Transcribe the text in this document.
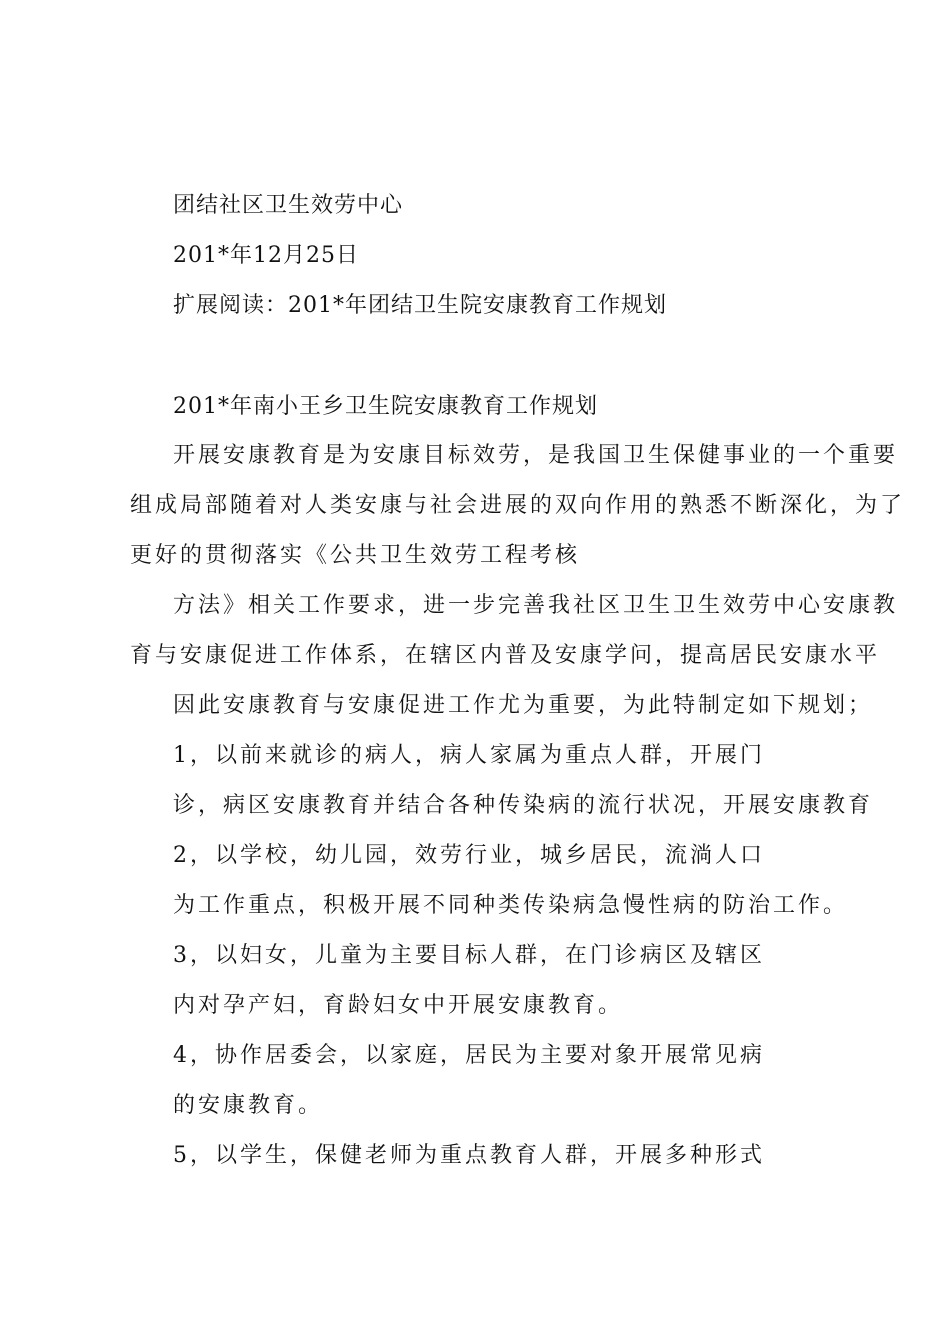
团结社区卫生效劳中心

201*年12月25日

扩展阅读：201*年团结卫生院安康教育工作规划

201*年南小王乡卫生院安康教育工作规划

开展安康教育是为安康目标效劳，是我国卫生保健事业的一个重要

组成局部随着对人类安康与社会进展的双向作用的熟悉不断深化，为了

更好的贯彻落实《公共卫生效劳工程考核

方法》相关工作要求，进一步完善我社区卫生卫生效劳中心安康教

育与安康促进工作体系，在辖区内普及安康学问，提高居民安康水平

因此安康教育与安康促进工作尤为重要，为此特制定如下规划；

1，以前来就诊的病人，病人家属为重点人群，开展门

诊，病区安康教育并结合各种传染病的流行状况，开展安康教育

2，以学校，幼儿园，效劳行业，城乡居民，流淌人口

为工作重点，积极开展不同种类传染病急慢性病的防治工作。

3，以妇女，儿童为主要目标人群，在门诊病区及辖区

内对孕产妇，育龄妇女中开展安康教育。

4，协作居委会，以家庭，居民为主要对象开展常见病

的安康教育。

5，以学生，保健老师为重点教育人群，开展多种形式
